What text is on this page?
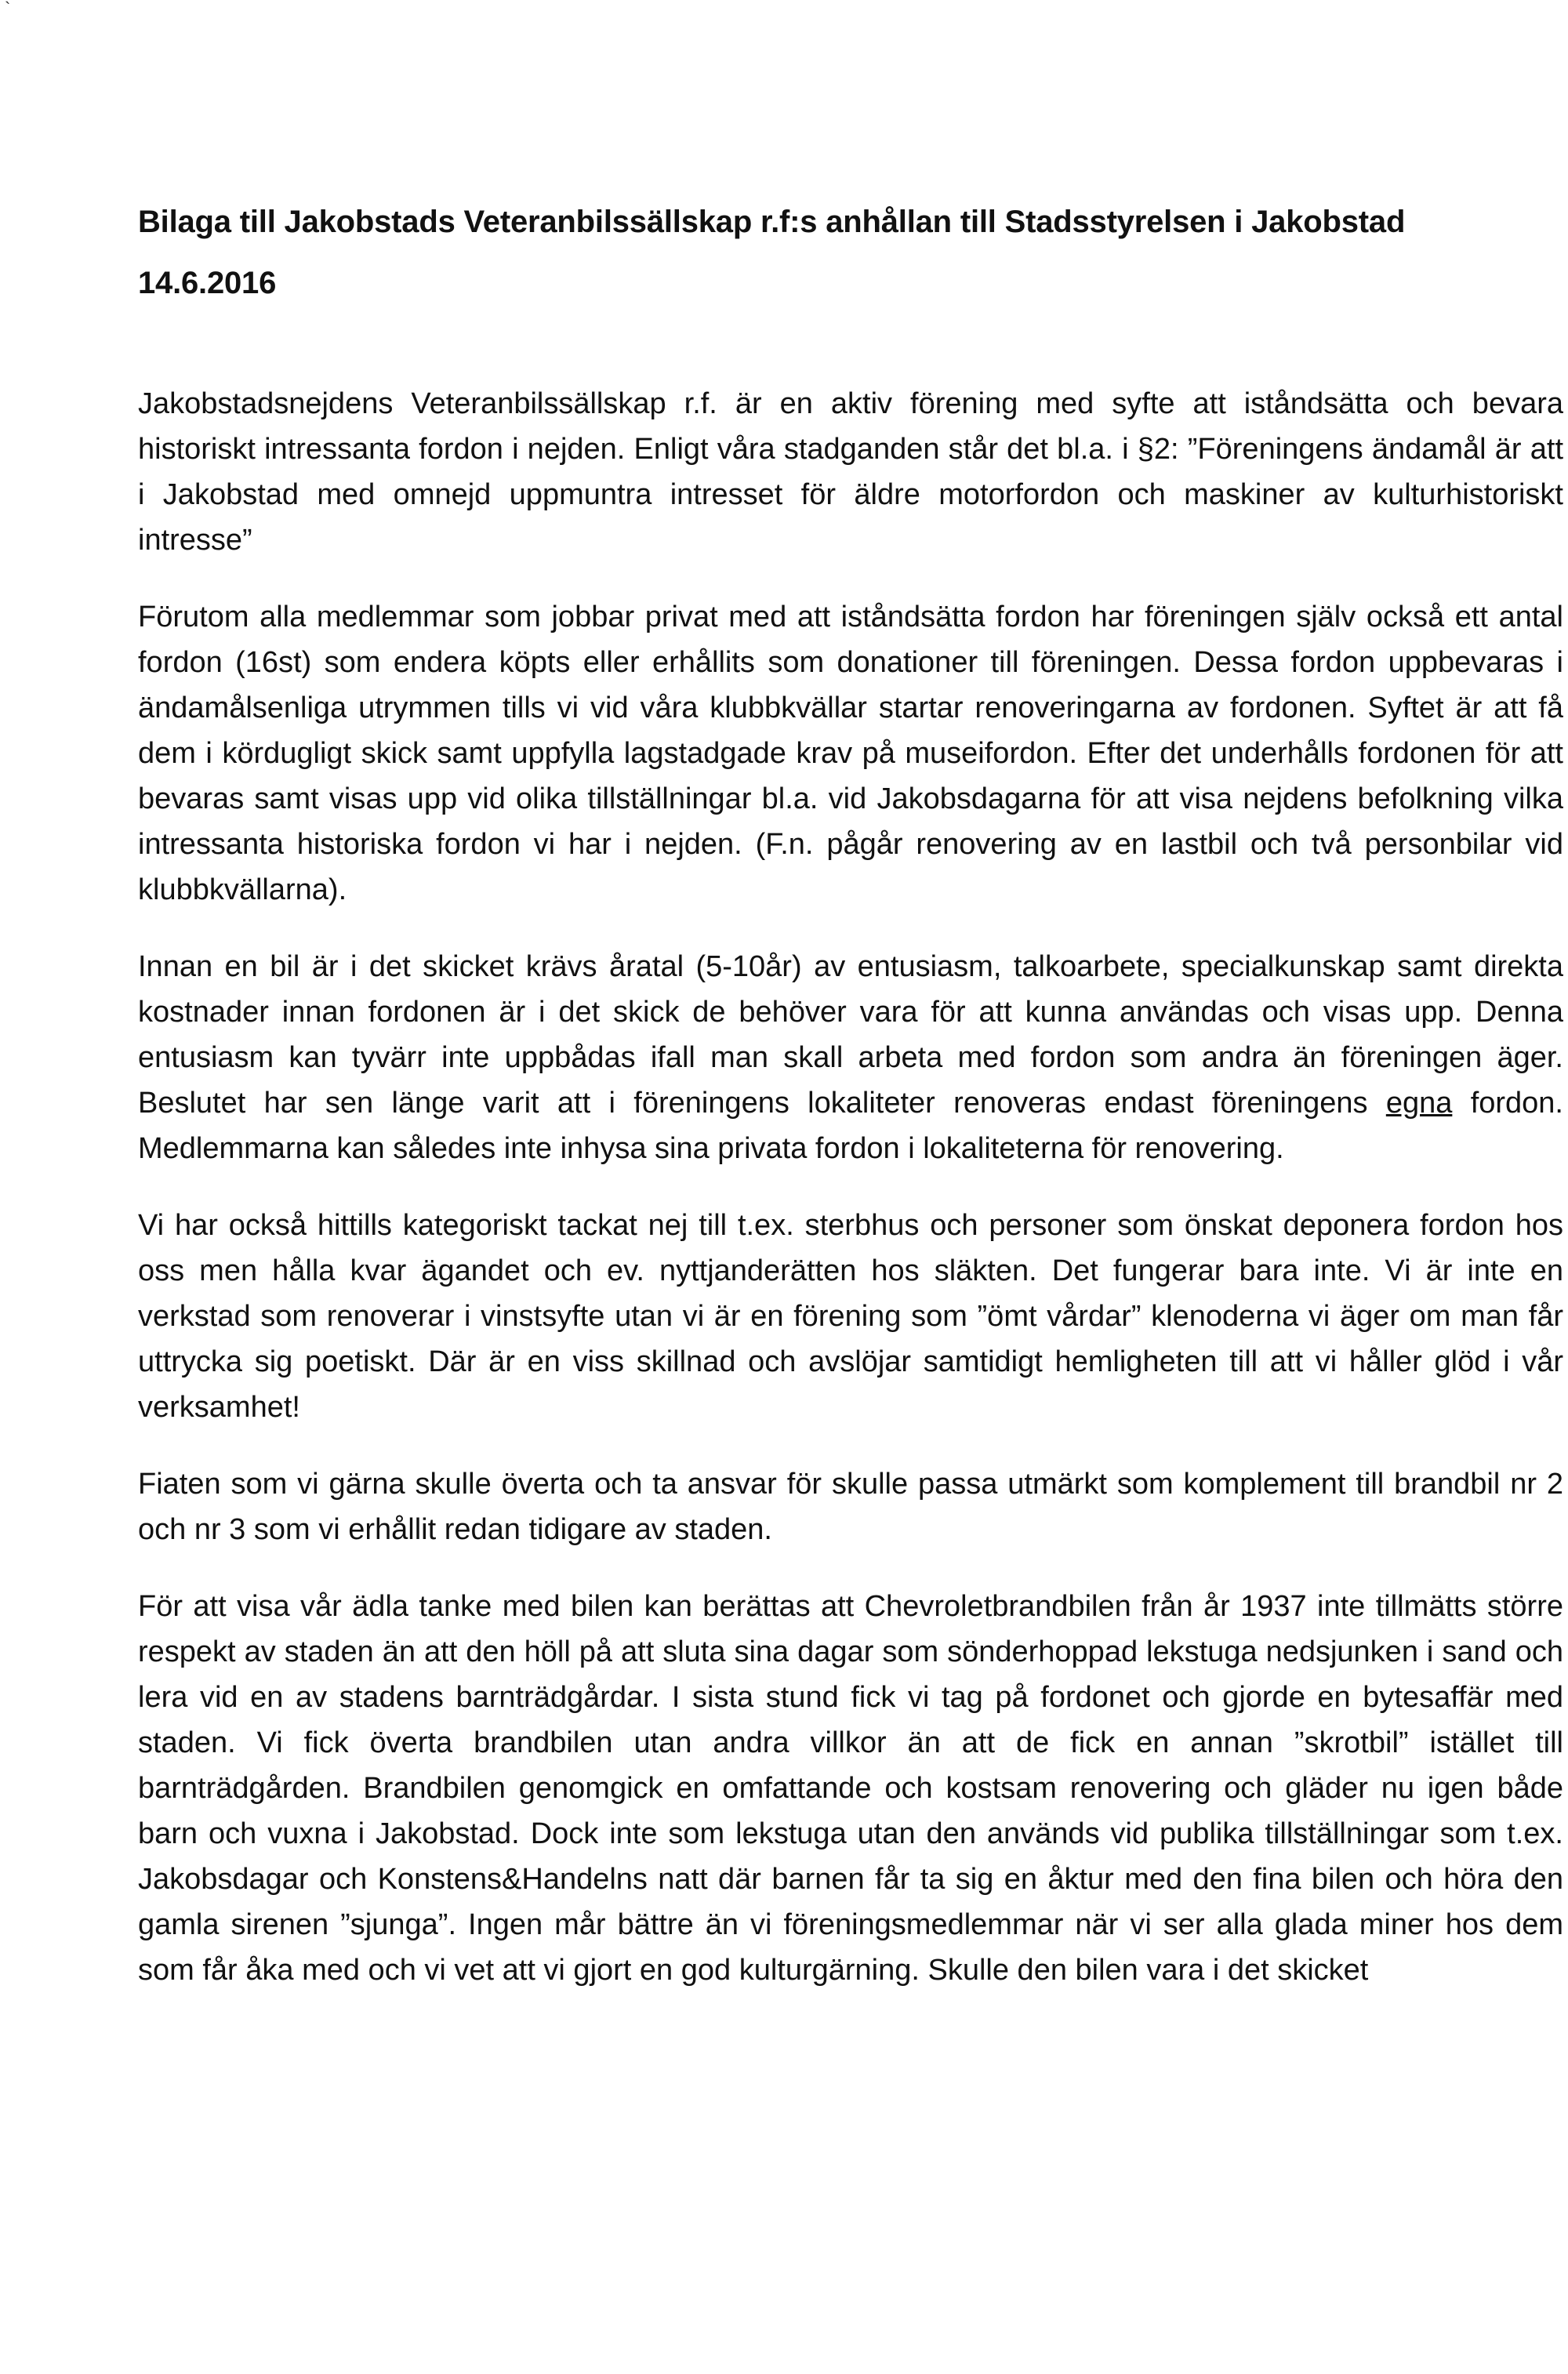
`
Bilaga till Jakobstads Veteranbilssällskap r.f:s anhållan till Stadsstyrelsen i Jakobstad
14.6.2016

Jakobstadsnejdens Veteranbilssällskap r.f. är en aktiv förening med syfte att iståndsätta och bevara historiskt intressanta fordon i nejden. Enligt våra stadganden står det bl.a. i §2: ”Föreningens ändamål är att i Jakobstad med omnejd uppmuntra intresset för äldre motorfordon och maskiner av kulturhistoriskt intresse”

Förutom alla medlemmar som jobbar privat med att iståndsätta fordon har föreningen själv också ett antal fordon (16st) som endera köpts eller erhållits som donationer till föreningen. Dessa fordon uppbevaras i ändamålsenliga utrymmen tills vi vid våra klubbkvällar startar renoveringarna av fordonen. Syftet är att få dem i kördugligt skick samt uppfylla lagstadgade krav på museifordon. Efter det underhålls fordonen för att bevaras samt visas upp vid olika tillställningar bl.a. vid Jakobsdagarna för att visa nejdens befolkning vilka intressanta historiska fordon vi har i nejden. (F.n. pågår renovering av en lastbil och två personbilar vid klubbkvällarna).

Innan en bil är i det skicket krävs åratal (5-10år) av entusiasm, talkoarbete, specialkunskap samt direkta kostnader innan fordonen är i det skick de behöver vara för att kunna användas och visas upp. Denna entusiasm kan tyvärr inte uppbådas ifall man skall arbeta med fordon som andra än föreningen äger. Beslutet har sen länge varit att i föreningens lokaliteter renoveras endast föreningens egna fordon. Medlemmarna kan således inte inhysa sina privata fordon i lokaliteterna för renovering.

Vi har också hittills kategoriskt tackat nej till t.ex. sterbhus och personer som önskat deponera fordon hos oss men hålla kvar ägandet och ev. nyttjanderätten hos släkten. Det fungerar bara inte. Vi är inte en verkstad som renoverar i vinstsyfte utan vi är en förening som ”ömt vårdar” klenoderna vi äger om man får uttrycka sig poetiskt. Där är en viss skillnad och avslöjar samtidigt hemligheten till att vi håller glöd i vår verksamhet!

Fiaten som vi gärna skulle överta och ta ansvar för skulle passa utmärkt som komplement till brandbil nr 2 och nr 3 som vi erhållit redan tidigare av staden.

För att visa vår ädla tanke med bilen kan berättas att Chevroletbrandbilen från år 1937 inte tillmätts större respekt av staden än att den höll på att sluta sina dagar som sönderhoppad lekstuga nedsjunken i sand och lera vid en av stadens barnträdgårdar. I sista stund fick vi tag på fordonet och gjorde en bytesaffär med staden. Vi fick överta brandbilen utan andra villkor än att de fick en annan ”skrotbil” istället till barnträdgården. Brandbilen genomgick en omfattande och kostsam renovering och gläder nu igen både barn och vuxna i Jakobstad. Dock inte som lekstuga utan den används vid publika tillställningar som t.ex. Jakobsdagar och Konstens&Handelns natt där barnen får ta sig en åktur med den fina bilen och höra den gamla sirenen ”sjunga”. Ingen mår bättre än vi föreningsmedlemmar när vi ser alla glada miner hos dem som får åka med och vi vet att vi gjort en god kulturgärning. Skulle den bilen vara i det skicket
